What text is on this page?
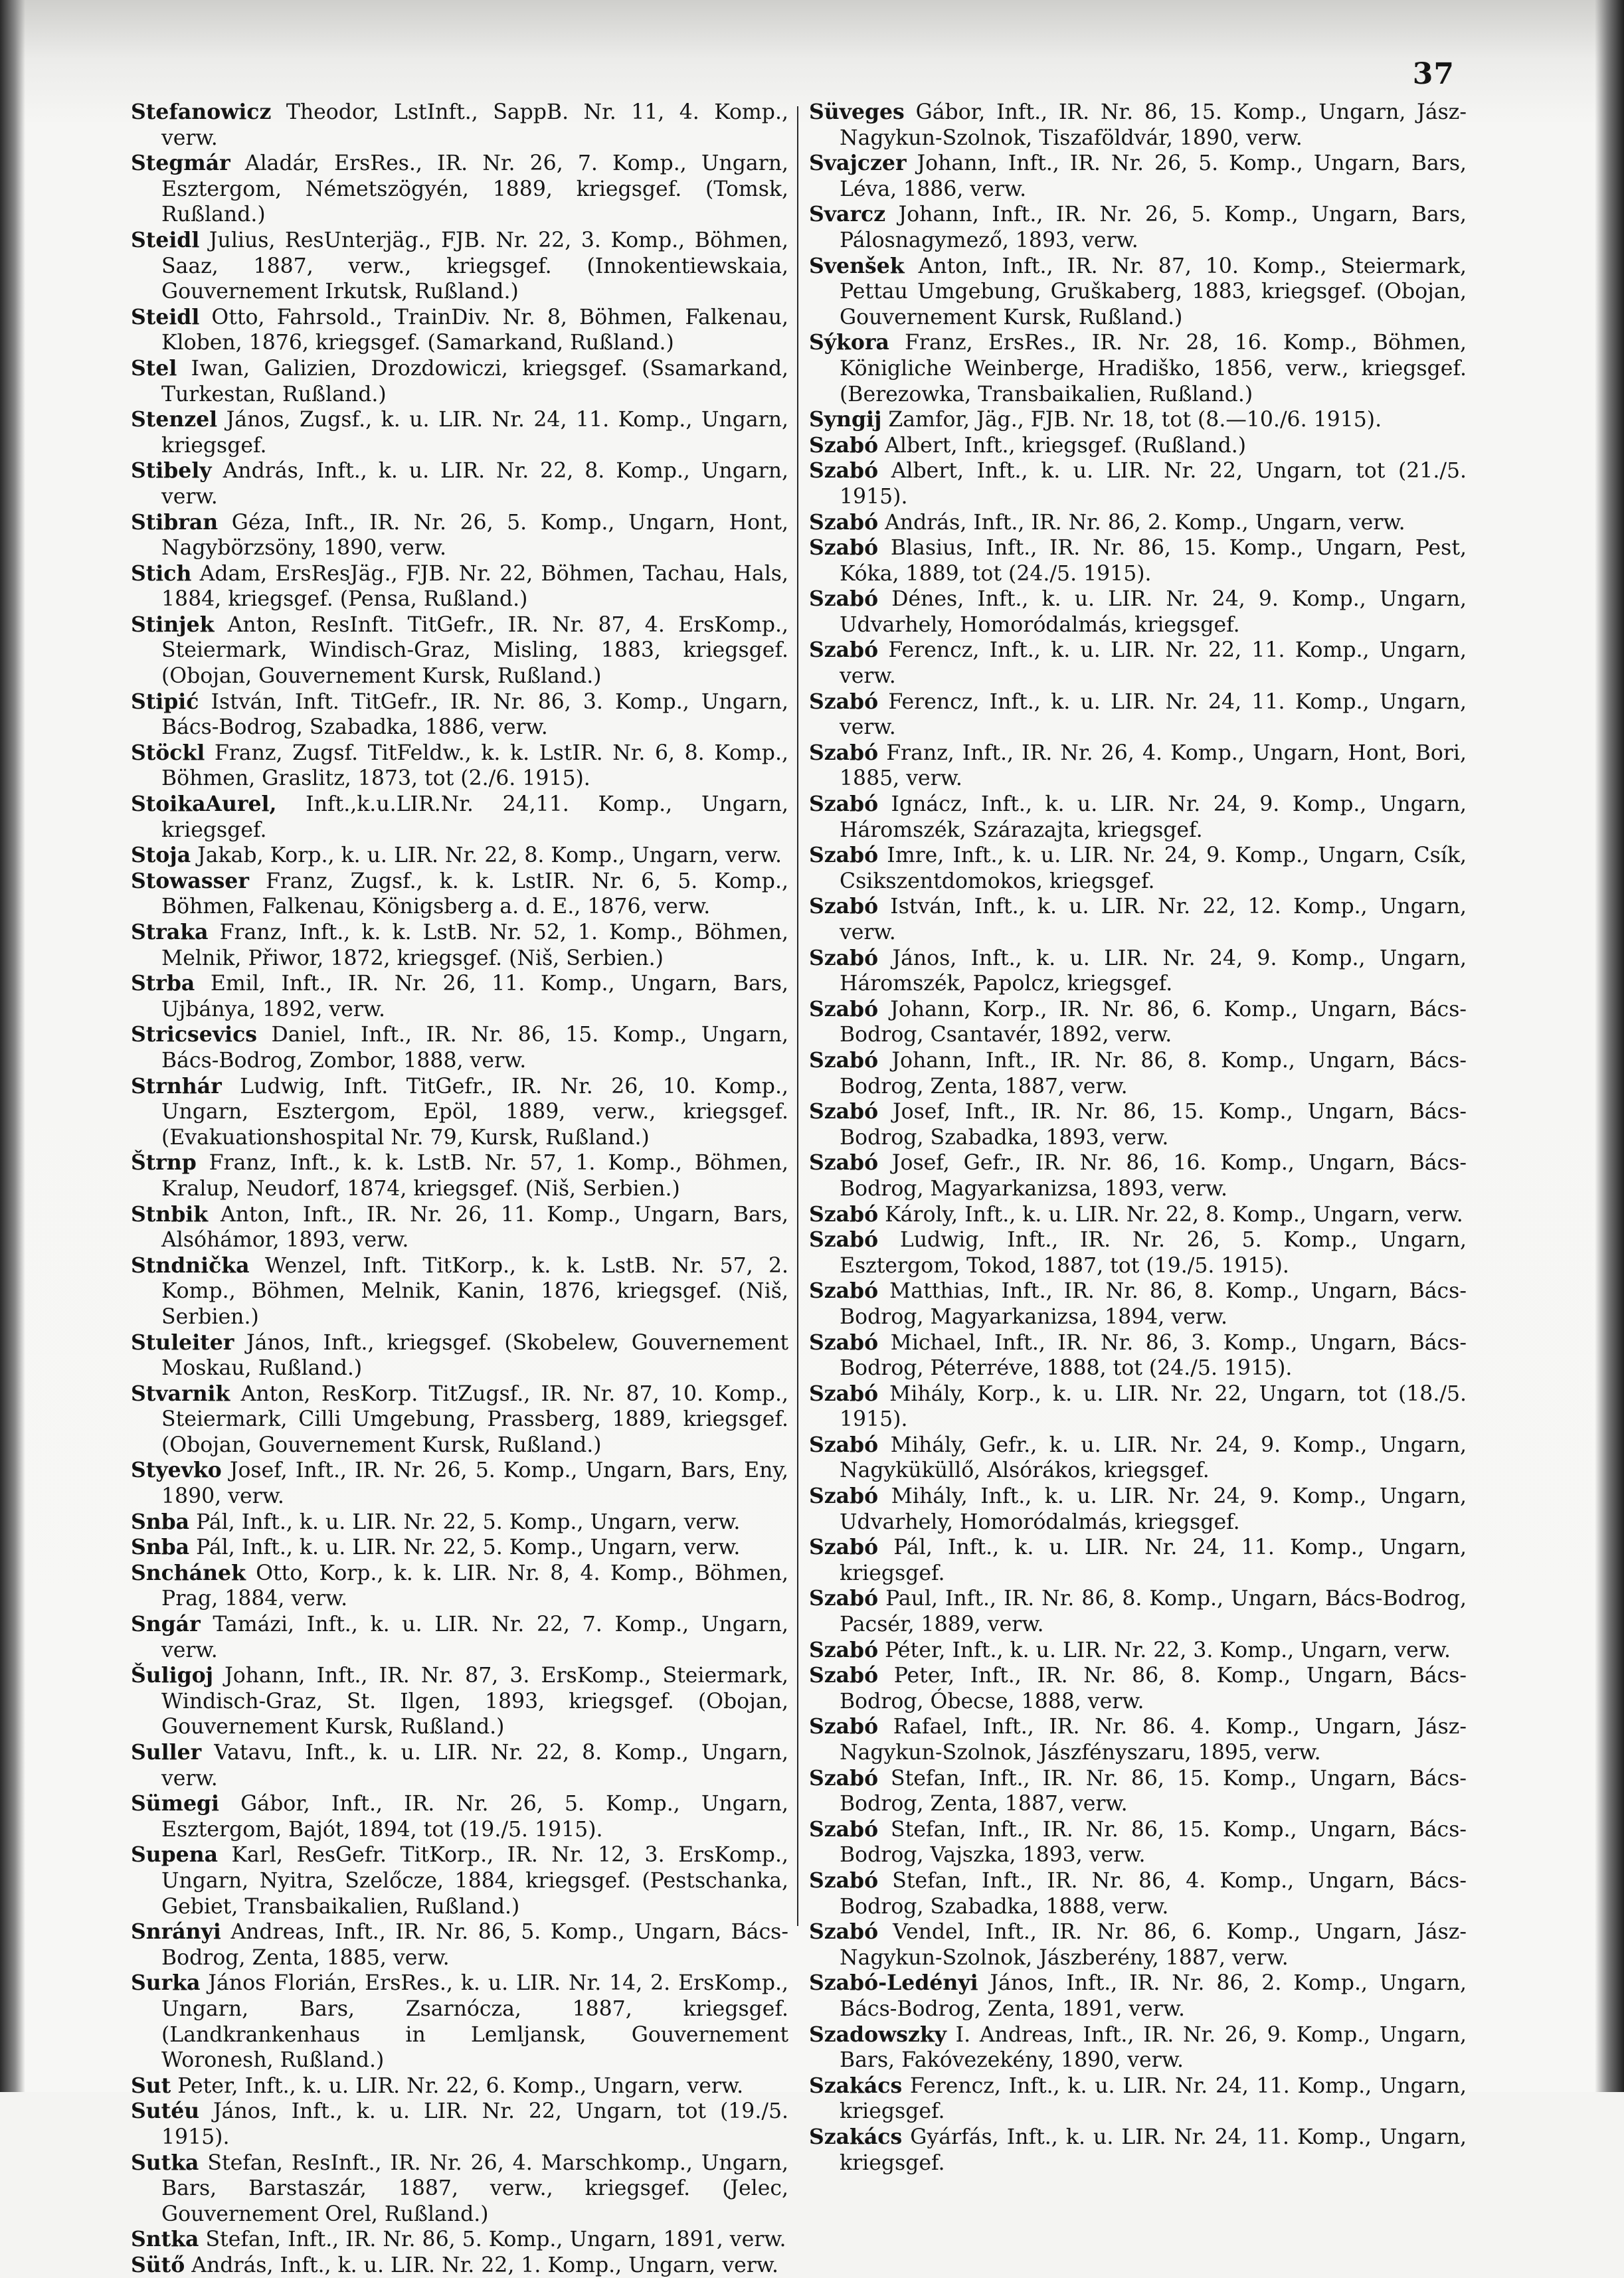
37

Stefanowicz Theodor, LstInft., SappB. Nr. 11, 4. Komp., verw.

Stegmár Aladár, ErsRes., IR. Nr. 26, 7. Komp., Ungarn, Esztergom, Németszögyén, 1889, kriegsgef. (Tomsk, Rußland.)

Steidl Julius, ResUnterjäg., FJB. Nr. 22, 3. Komp., Böhmen, Saaz, 1887, verw., kriegsgef. (Innokentiewskaia, Gouvernement Irkutsk, Rußland.)

Steidl Otto, Fahrsold., TrainDiv. Nr. 8, Böhmen, Falkenau, Kloben, 1876, kriegsgef. (Samarkand, Rußland.)

Stel Iwan, Galizien, Drozdowiczi, kriegsgef. (Ssamarkand, Turkestan, Rußland.)

Stenzel János, Zugsf., k. u. LIR. Nr. 24, 11. Komp., Ungarn, kriegsgef.

Stibely András, Inft., k. u. LIR. Nr. 22, 8. Komp., Ungarn, verw.

Stibran Géza, Inft., IR. Nr. 26, 5. Komp., Ungarn, Hont, Nagybörzsöny, 1890, verw.

Stich Adam, ErsResJäg., FJB. Nr. 22, Böhmen, Tachau, Hals, 1884, kriegsgef. (Pensa, Rußland.)

Stinjek Anton, ResInft. TitGefr., IR. Nr. 87, 4. ErsKomp., Steiermark, Windisch-Graz, Misling, 1883, kriegsgef. (Obojan, Gouvernement Kursk, Rußland.)

Stipić István, Inft. TitGefr., IR. Nr. 86, 3. Komp., Ungarn, Bács-Bodrog, Szabadka, 1886, verw.

Stöckl Franz, Zugsf. TitFeldw., k. k. LstIR. Nr. 6, 8. Komp., Böhmen, Graslitz, 1873, tot (2./6. 1915).

StoikaAurel, Inft.,k.u.LIR.Nr. 24,11. Komp., Ungarn, kriegsgef.

Stoja Jakab, Korp., k. u. LIR. Nr. 22, 8. Komp., Ungarn, verw.

Stowasser Franz, Zugsf., k. k. LstIR. Nr. 6, 5. Komp., Böhmen, Falkenau, Königsberg a. d. E., 1876, verw.

Straka Franz, Inft., k. k. LstB. Nr. 52, 1. Komp., Böhmen, Melnik, Přiwor, 1872, kriegsgef. (Niš, Serbien.)

Strba Emil, Inft., IR. Nr. 26, 11. Komp., Ungarn, Bars, Ujbánya, 1892, verw.

Stricsevics Daniel, Inft., IR. Nr. 86, 15. Komp., Ungarn, Bács-Bodrog, Zombor, 1888, verw.

Strnhár Ludwig, Inft. TitGefr., IR. Nr. 26, 10. Komp., Ungarn, Esztergom, Epöl, 1889, verw., kriegsgef. (Evakuationshospital Nr. 79, Kursk, Rußland.)

Štrnp Franz, Inft., k. k. LstB. Nr. 57, 1. Komp., Böhmen, Kralup, Neudorf, 1874, kriegsgef. (Niš, Serbien.)

Stnbik Anton, Inft., IR. Nr. 26, 11. Komp., Ungarn, Bars, Alsóhámor, 1893, verw.

Stndnička Wenzel, Inft. TitKorp., k. k. LstB. Nr. 57, 2. Komp., Böhmen, Melnik, Kanin, 1876, kriegsgef. (Niš, Serbien.)

Stuleiter János, Inft., kriegsgef. (Skobelew, Gouvernement Moskau, Rußland.)

Stvarnik Anton, ResKorp. TitZugsf., IR. Nr. 87, 10. Komp., Steiermark, Cilli Umgebung, Prassberg, 1889, kriegsgef. (Obojan, Gouvernement Kursk, Rußland.)

Styevko Josef, Inft., IR. Nr. 26, 5. Komp., Ungarn, Bars, Eny, 1890, verw.

Snba Pál, Inft., k. u. LIR. Nr. 22, 5. Komp., Ungarn, verw.

Snba Pál, Inft., k. u. LIR. Nr. 22, 5. Komp., Ungarn, verw.

Snchánek Otto, Korp., k. k. LIR. Nr. 8, 4. Komp., Böhmen, Prag, 1884, verw.

Sngár Tamázi, Inft., k. u. LIR. Nr. 22, 7. Komp., Ungarn, verw.

Šuligoj Johann, Inft., IR. Nr. 87, 3. ErsKomp., Steiermark, Windisch-Graz, St. Ilgen, 1893, kriegsgef. (Obojan, Gouvernement Kursk, Rußland.)

Suller Vatavu, Inft., k. u. LIR. Nr. 22, 8. Komp., Ungarn, verw.

Sümegi Gábor, Inft., IR. Nr. 26, 5. Komp., Ungarn, Esztergom, Bajót, 1894, tot (19./5. 1915).

Supena Karl, ResGefr. TitKorp., IR. Nr. 12, 3. ErsKomp., Ungarn, Nyitra, Szelőcze, 1884, kriegsgef. (Pestschanka, Gebiet, Transbaikalien, Rußland.)

Snrányi Andreas, Inft., IR. Nr. 86, 5. Komp., Ungarn, Bács-Bodrog, Zenta, 1885, verw.

Surka János Florián, ErsRes., k. u. LIR. Nr. 14, 2. ErsKomp., Ungarn, Bars, Zsarnócza, 1887, kriegsgef. (Landkrankenhaus in Lemljansk, Gouvernement Woronesh, Rußland.)

Sut Peter, Inft., k. u. LIR. Nr. 22, 6. Komp., Ungarn, verw.

Sutéu János, Inft., k. u. LIR. Nr. 22, Ungarn, tot (19./5. 1915).

Sutka Stefan, ResInft., IR. Nr. 26, 4. Marschkomp., Ungarn, Bars, Barstaszár, 1887, verw., kriegsgef. (Jelec, Gouvernement Orel, Rußland.)

Sntka Stefan, Inft., IR. Nr. 86, 5. Komp., Ungarn, 1891, verw.

Sütő András, Inft., k. u. LIR. Nr. 22, 1. Komp., Ungarn, verw.

Süveges Gábor, Inft., IR. Nr. 86, 15. Komp., Ungarn, Jász-Nagykun-Szolnok, Tiszaföldvár, 1890, verw.

Svajczer Johann, Inft., IR. Nr. 26, 5. Komp., Ungarn, Bars, Léva, 1886, verw.

Svarcz Johann, Inft., IR. Nr. 26, 5. Komp., Ungarn, Bars, Pálosnagymező, 1893, verw.

Svenšek Anton, Inft., IR. Nr. 87, 10. Komp., Steiermark, Pettau Umgebung, Gruškaberg, 1883, kriegsgef. (Obojan, Gouvernement Kursk, Rußland.)

Sýkora Franz, ErsRes., IR. Nr. 28, 16. Komp., Böhmen, Königliche Weinberge, Hradiško, 1856, verw., kriegsgef. (Berezowka, Transbaikalien, Rußland.)

Syngij Zamfor, Jäg., FJB. Nr. 18, tot (8.—10./6. 1915).

Szabó Albert, Inft., kriegsgef. (Rußland.)

Szabó Albert, Inft., k. u. LIR. Nr. 22, Ungarn, tot (21./5. 1915).

Szabó András, Inft., IR. Nr. 86, 2. Komp., Ungarn, verw.

Szabó Blasius, Inft., IR. Nr. 86, 15. Komp., Ungarn, Pest, Kóka, 1889, tot (24./5. 1915).

Szabó Dénes, Inft., k. u. LIR. Nr. 24, 9. Komp., Ungarn, Udvarhely, Homoródalmás, kriegsgef.

Szabó Ferencz, Inft., k. u. LIR. Nr. 22, 11. Komp., Ungarn, verw.

Szabó Ferencz, Inft., k. u. LIR. Nr. 24, 11. Komp., Ungarn, verw.

Szabó Franz, Inft., IR. Nr. 26, 4. Komp., Ungarn, Hont, Bori, 1885, verw.

Szabó Ignácz, Inft., k. u. LIR. Nr. 24, 9. Komp., Ungarn, Háromszék, Szárazajta, kriegsgef.

Szabó Imre, Inft., k. u. LIR. Nr. 24, 9. Komp., Ungarn, Csík, Csikszentdomokos, kriegsgef.

Szabó István, Inft., k. u. LIR. Nr. 22, 12. Komp., Ungarn, verw.

Szabó János, Inft., k. u. LIR. Nr. 24, 9. Komp., Ungarn, Háromszék, Papolcz, kriegsgef.

Szabó Johann, Korp., IR. Nr. 86, 6. Komp., Ungarn, Bács-Bodrog, Csantavér, 1892, verw.

Szabó Johann, Inft., IR. Nr. 86, 8. Komp., Ungarn, Bács-Bodrog, Zenta, 1887, verw.

Szabó Josef, Inft., IR. Nr. 86, 15. Komp., Ungarn, Bács-Bodrog, Szabadka, 1893, verw.

Szabó Josef, Gefr., IR. Nr. 86, 16. Komp., Ungarn, Bács-Bodrog, Magyarkanizsa, 1893, verw.

Szabó Károly, Inft., k. u. LIR. Nr. 22, 8. Komp., Ungarn, verw.

Szabó Ludwig, Inft., IR. Nr. 26, 5. Komp., Ungarn, Esztergom, Tokod, 1887, tot (19./5. 1915).

Szabó Matthias, Inft., IR. Nr. 86, 8. Komp., Ungarn, Bács-Bodrog, Magyarkanizsa, 1894, verw.

Szabó Michael, Inft., IR. Nr. 86, 3. Komp., Ungarn, Bács-Bodrog, Péterréve, 1888, tot (24./5. 1915).

Szabó Mihály, Korp., k. u. LIR. Nr. 22, Ungarn, tot (18./5. 1915).

Szabó Mihály, Gefr., k. u. LIR. Nr. 24, 9. Komp., Ungarn, Nagyküküllő, Alsórákos, kriegsgef.

Szabó Mihály, Inft., k. u. LIR. Nr. 24, 9. Komp., Ungarn, Udvarhely, Homoródalmás, kriegsgef.

Szabó Pál, Inft., k. u. LIR. Nr. 24, 11. Komp., Ungarn, kriegsgef.

Szabó Paul, Inft., IR. Nr. 86, 8. Komp., Ungarn, Bács-Bodrog, Pacsér, 1889, verw.

Szabó Péter, Inft., k. u. LIR. Nr. 22, 3. Komp., Ungarn, verw.

Szabó Peter, Inft., IR. Nr. 86, 8. Komp., Ungarn, Bács-Bodrog, Óbecse, 1888, verw.

Szabó Rafael, Inft., IR. Nr. 86. 4. Komp., Ungarn, Jász-Nagykun-Szolnok, Jászfényszaru, 1895, verw.

Szabó Stefan, Inft., IR. Nr. 86, 15. Komp., Ungarn, Bács-Bodrog, Zenta, 1887, verw.

Szabó Stefan, Inft., IR. Nr. 86, 15. Komp., Ungarn, Bács-Bodrog, Vajszka, 1893, verw.

Szabó Stefan, Inft., IR. Nr. 86, 4. Komp., Ungarn, Bács-Bodrog, Szabadka, 1888, verw.

Szabó Vendel, Inft., IR. Nr. 86, 6. Komp., Ungarn, Jász-Nagykun-Szolnok, Jászberény, 1887, verw.

Szabó-Ledényi János, Inft., IR. Nr. 86, 2. Komp., Ungarn, Bács-Bodrog, Zenta, 1891, verw.

Szadowszky I. Andreas, Inft., IR. Nr. 26, 9. Komp., Ungarn, Bars, Fakóvezekény, 1890, verw.

Szakács Ferencz, Inft., k. u. LIR. Nr. 24, 11. Komp., Ungarn, kriegsgef.

Szakács Gyárfás, Inft., k. u. LIR. Nr. 24, 11. Komp., Ungarn, kriegsgef.
